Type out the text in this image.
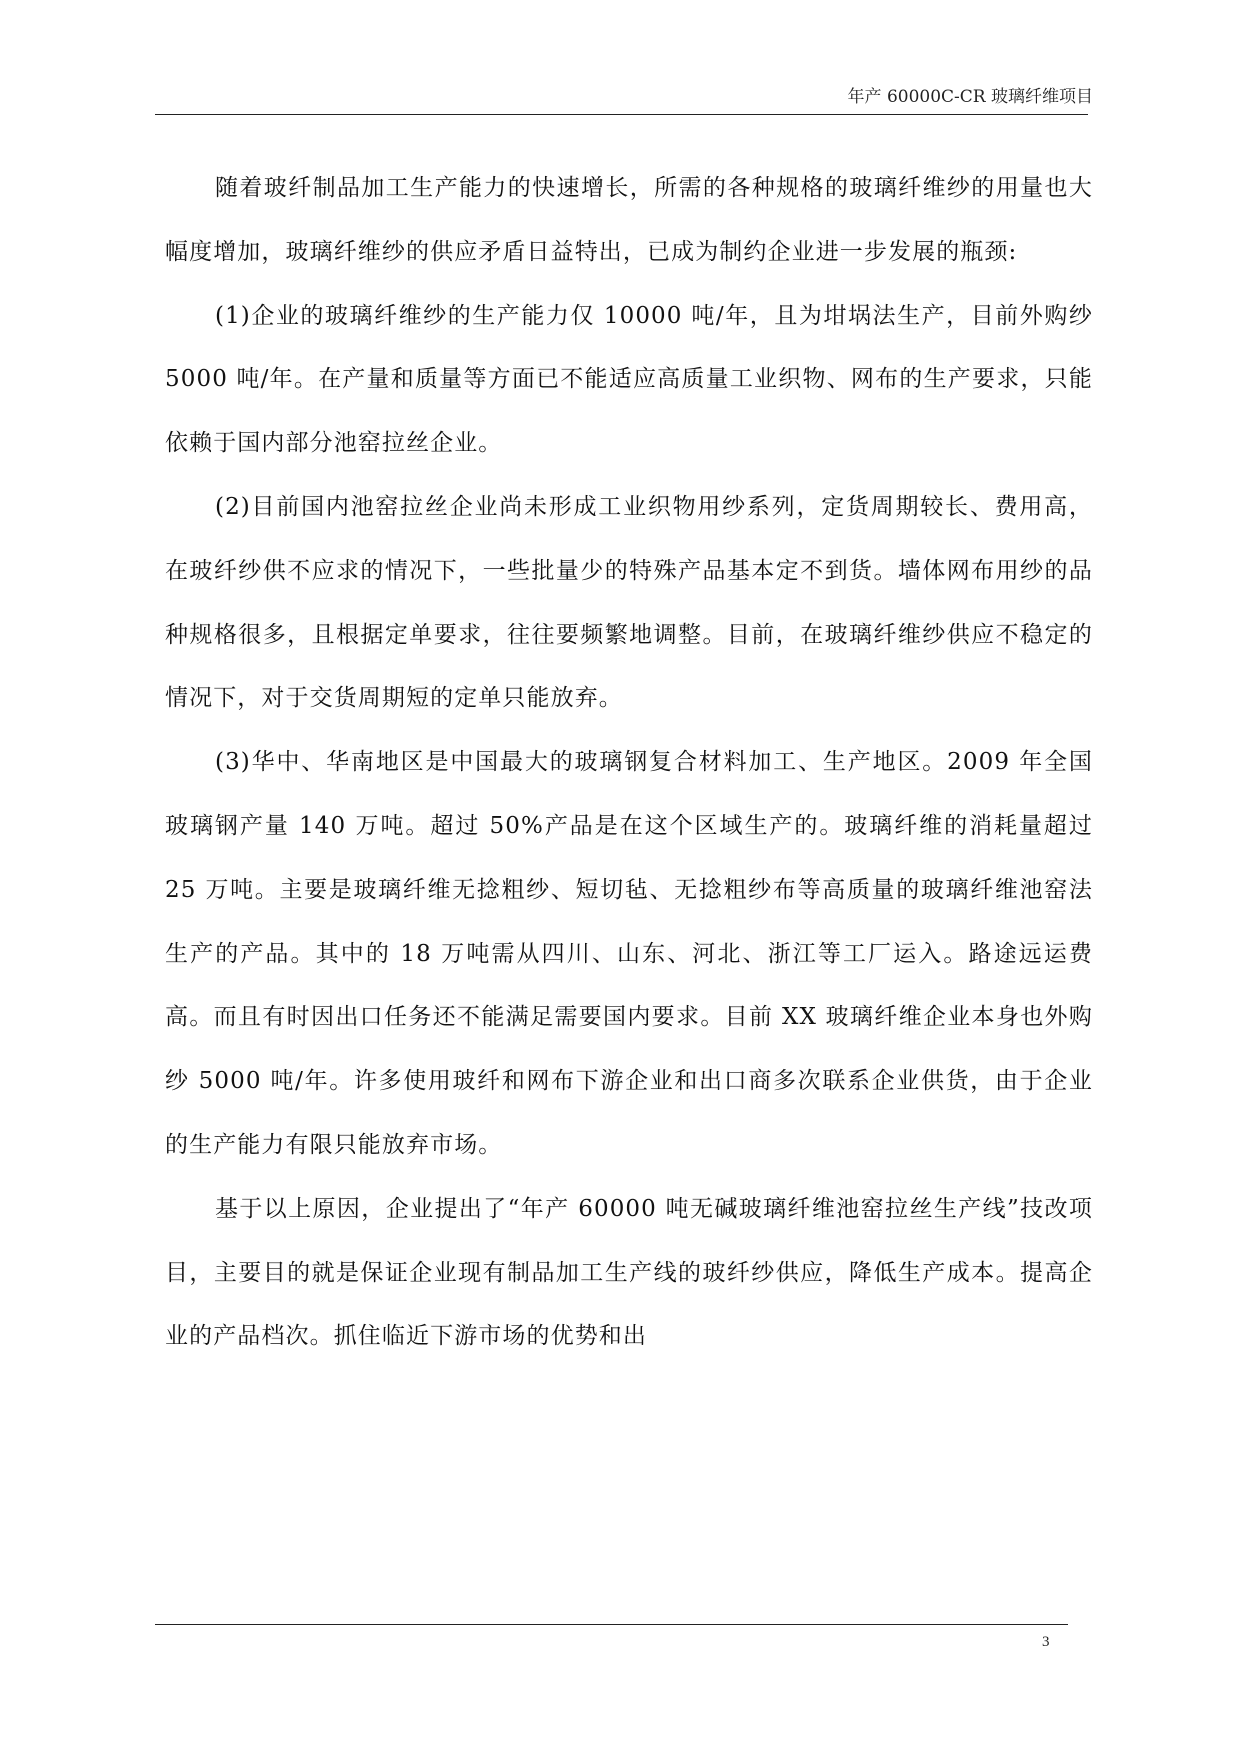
年产 60000C-CR 玻璃纤维项目

随着玻纤制品加工生产能力的快速增长，所需的各种规格的玻璃纤维纱的用量也大幅度增加，玻璃纤维纱的供应矛盾日益特出，已成为制约企业进一步发展的瓶颈:

(1)企业的玻璃纤维纱的生产能力仅 10000 吨/年，且为坩埚法生产，目前外购纱 5000 吨/年。在产量和质量等方面已不能适应高质量工业织物、网布的生产要求，只能依赖于国内部分池窑拉丝企业。

(2)目前国内池窑拉丝企业尚未形成工业织物用纱系列，定货周期较长、费用高，在玻纤纱供不应求的情况下，一些批量少的特殊产品基本定不到货。墙体网布用纱的品种规格很多，且根据定单要求，往往要频繁地调整。目前，在玻璃纤维纱供应不稳定的情况下，对于交货周期短的定单只能放弃。

(3)华中、华南地区是中国最大的玻璃钢复合材料加工、生产地区。2009 年全国玻璃钢产量 140 万吨。超过 50%产品是在这个区域生产的。玻璃纤维的消耗量超过 25 万吨。主要是玻璃纤维无捻粗纱、短切毡、无捻粗纱布等高质量的玻璃纤维池窑法生产的产品。其中的 18 万吨需从四川、山东、河北、浙江等工厂运入。路途远运费高。而且有时因出口任务还不能满足需要国内要求。目前 XX 玻璃纤维企业本身也外购纱 5000 吨/年。许多使用玻纤和网布下游企业和出口商多次联系企业供货，由于企业的生产能力有限只能放弃市场。

基于以上原因，企业提出了“年产 60000 吨无碱玻璃纤维池窑拉丝生产线”技改项目，主要目的就是保证企业现有制品加工生产线的玻纤纱供应，降低生产成本。提高企业的产品档次。抓住临近下游市场的优势和出

3
